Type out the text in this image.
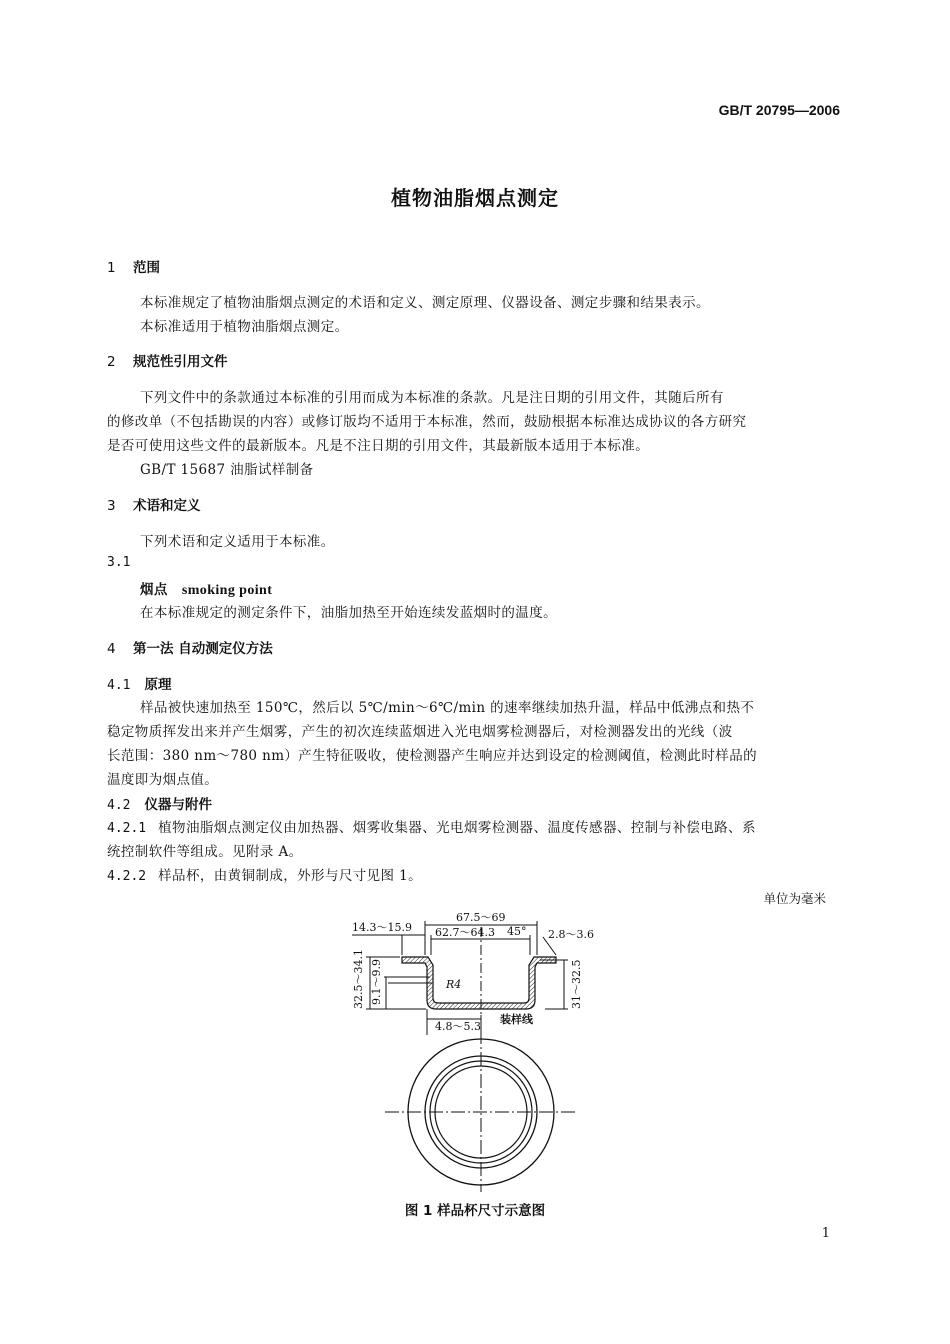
GB/T 20795—2006
植物油脂烟点测定
1 范围
本标准规定了植物油脂烟点测定的术语和定义、测定原理、仪器设备、测定步骤和结果表示。
本标准适用于植物油脂烟点测定。
2 规范性引用文件
下列文件中的条款通过本标准的引用而成为本标准的条款。凡是注日期的引用文件，其随后所有
的修改单（不包括勘误的内容）或修订版均不适用于本标准，然而，鼓励根据本标准达成协议的各方研究
是否可使用这些文件的最新版本。凡是不注日期的引用文件，其最新版本适用于本标准。
GB/T 15687 油脂试样制备
3 术语和定义
下列术语和定义适用于本标准。
3.1
烟点 smoking point
在本标准规定的测定条件下，油脂加热至开始连续发蓝烟时的温度。
4 第一法 自动测定仪方法
4.1 原理
样品被快速加热至 150℃，然后以 5℃/min～6℃/min 的速率继续加热升温，样品中低沸点和热不
稳定物质挥发出来并产生烟雾，产生的初次连续蓝烟进入光电烟雾检测器后，对检测器发出的光线（波
长范围：380 nm～780 nm）产生特征吸收，使检测器产生响应并达到设定的检测阈值，检测此时样品的
温度即为烟点值。
4.2 仪器与附件
4.2.1 植物油脂烟点测定仪由加热器、烟雾收集器、光电烟雾检测器、温度传感器、控制与补偿电路、系
统控制软件等组成。见附录 A。
4.2.2 样品杯，由黄铜制成，外形与尺寸见图 1。
单位为毫米
14.3～15.9
67.5～69
62.7～64.3 45° 2.8～3.6
R4
4.8～5.3
装样线
32.5～34.1 9.1～9.9	31～32.5
图 1 样品杯尺寸示意图
1
